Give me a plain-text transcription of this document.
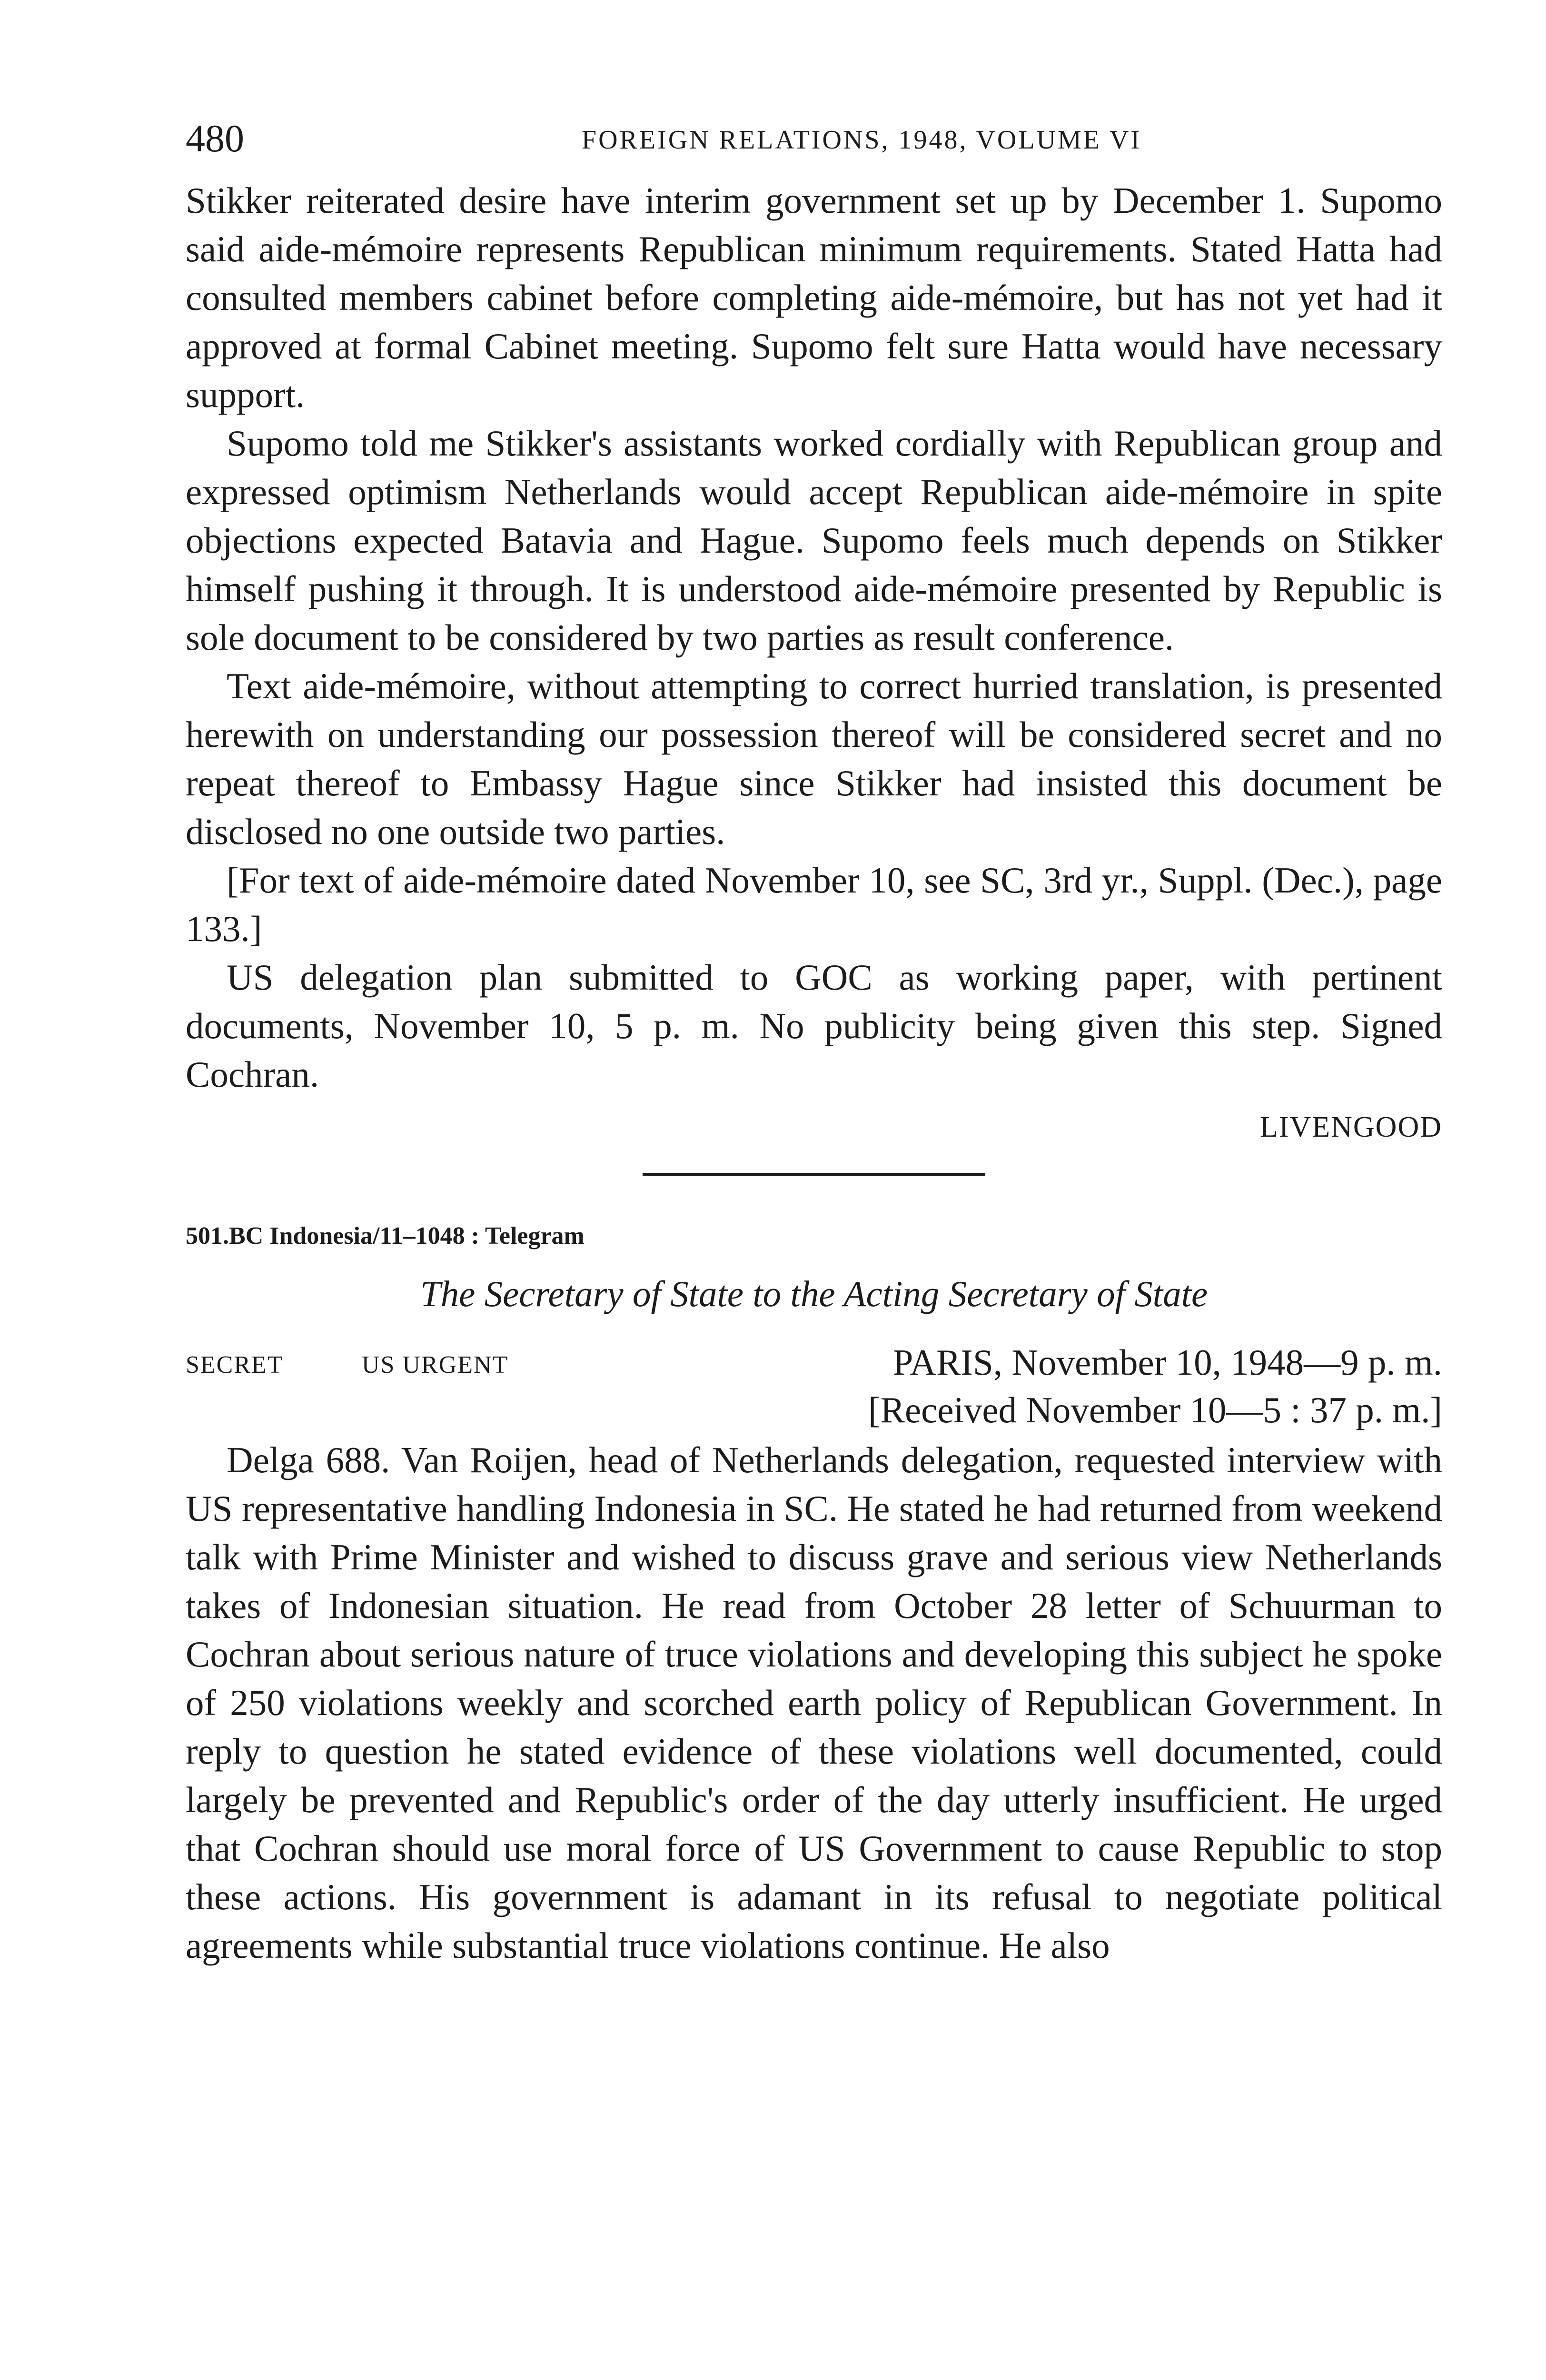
480	FOREIGN RELATIONS, 1948, VOLUME VI

Stikker reiterated desire have interim government set up by December 1. Supomo said aide-mémoire represents Republican minimum requirements. Stated Hatta had consulted members cabinet before completing aide-mémoire, but has not yet had it approved at formal Cabinet meeting. Supomo felt sure Hatta would have necessary support.

Supomo told me Stikker's assistants worked cordially with Republican group and expressed optimism Netherlands would accept Republican aide-mémoire in spite objections expected Batavia and Hague. Supomo feels much depends on Stikker himself pushing it through. It is understood aide-mémoire presented by Republic is sole document to be considered by two parties as result conference.

Text aide-mémoire, without attempting to correct hurried translation, is presented herewith on understanding our possession thereof will be considered secret and no repeat thereof to Embassy Hague since Stikker had insisted this document be disclosed no one outside two parties.

[For text of aide-mémoire dated November 10, see SC, 3rd yr., Suppl. (Dec.), page 133.]

US delegation plan submitted to GOC as working paper, with pertinent documents, November 10, 5 p. m. No publicity being given this step. Signed Cochran.

LIVENGOOD
501.BC Indonesia/11–1048 : Telegram
The Secretary of State to the Acting Secretary of State
SECRET	US URGENT	PARIS, November 10, 1948—9 p. m.
[Received November 10—5 : 37 p. m.]

Delga 688. Van Roijen, head of Netherlands delegation, requested interview with US representative handling Indonesia in SC. He stated he had returned from weekend talk with Prime Minister and wished to discuss grave and serious view Netherlands takes of Indonesian situation. He read from October 28 letter of Schuurman to Cochran about serious nature of truce violations and developing this subject he spoke of 250 violations weekly and scorched earth policy of Republican Government. In reply to question he stated evidence of these violations well documented, could largely be prevented and Republic's order of the day utterly insufficient. He urged that Cochran should use moral force of US Government to cause Republic to stop these actions. His government is adamant in its refusal to negotiate political agreements while substantial truce violations continue. He also
